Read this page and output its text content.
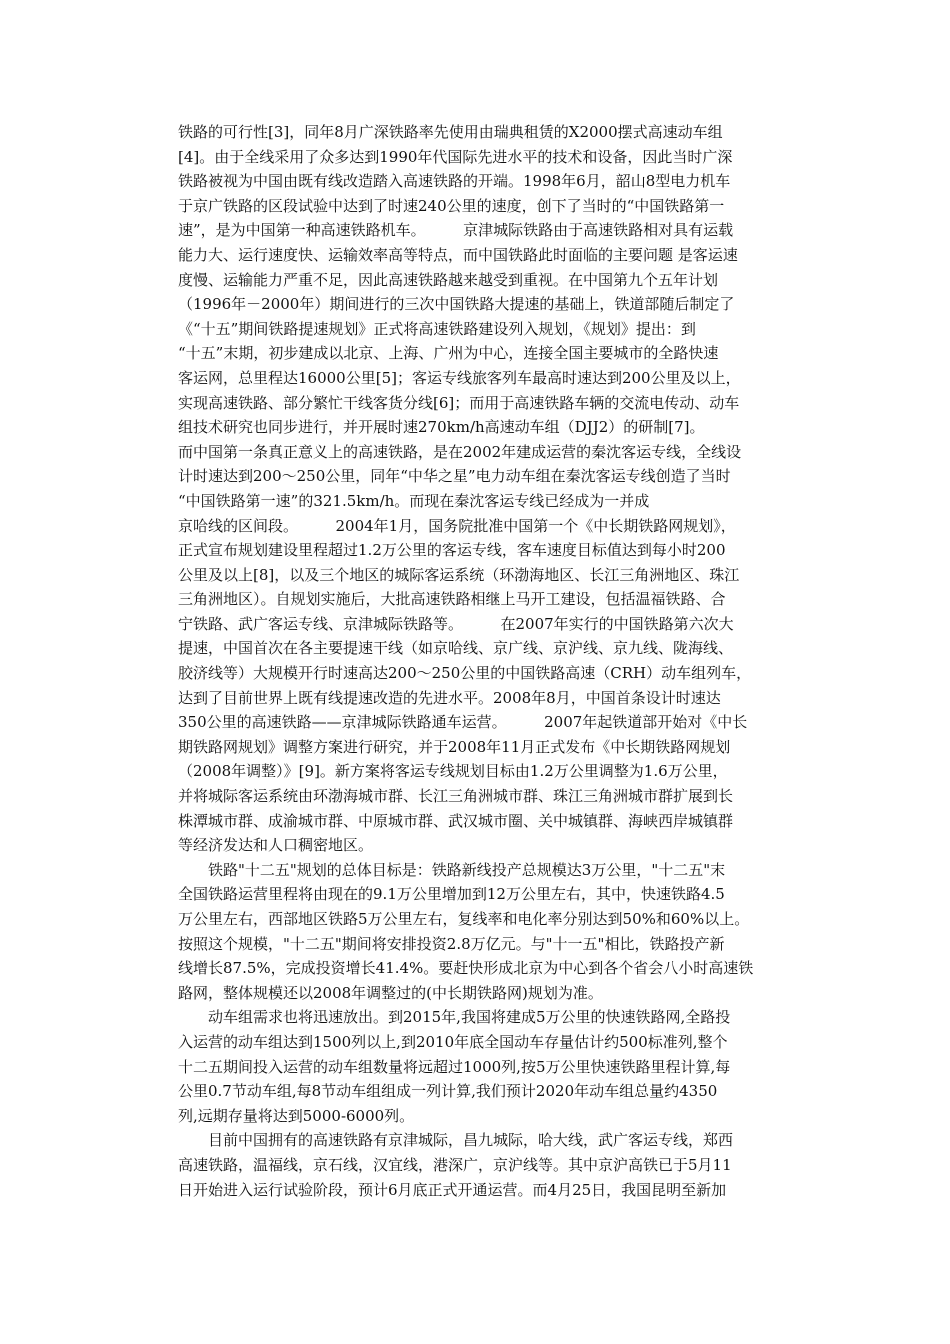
铁路的可行性[3]，同年8月广深铁路率先使用由瑞典租赁的X2000摆式高速动车组
[4]。由于全线采用了众多达到1990年代国际先进水平的技术和设备，因此当时广深
铁路被视为中国由既有线改造踏入高速铁路的开端。1998年6月，韶山8型电力机车
于京广铁路的区段试验中达到了时速240公里的速度，创下了当时的“中国铁路第一
速”，是为中国第一种高速铁路机车。　　　京津城际铁路由于高速铁路相对具有运载
能力大、运行速度快、运输效率高等特点，而中国铁路此时面临的主要问题 是客运速
度慢、运输能力严重不足，因此高速铁路越来越受到重视。在中国第九个五年计划
（1996年－2000年）期间进行的三次中国铁路大提速的基础上，铁道部随后制定了
《“十五”期间铁路提速规划》正式将高速铁路建设列入规划，《规划》提出：到
“十五”末期，初步建成以北京、上海、广州为中心，连接全国主要城市的全路快速
客运网，总里程达16000公里[5]；客运专线旅客列车最高时速达到200公里及以上，
实现高速铁路、部分繁忙干线客货分线[6]；而用于高速铁路车辆的交流电传动、动车
组技术研究也同步进行，并开展时速270km/h高速动车组（DJJ2）的研制[7]。
而中国第一条真正意义上的高速铁路，是在2002年建成运营的秦沈客运专线，全线设
计时速达到200～250公里，同年“中华之星”电力动车组在秦沈客运专线创造了当时
“中国铁路第一速”的321.5km/h。而现在秦沈客运专线已经成为一并成
京哈线的区间段。　　　2004年1月，国务院批准中国第一个《中长期铁路网规划》，
正式宣布规划建设里程超过1.2万公里的客运专线，客车速度目标值达到每小时200
公里及以上[8]，以及三个地区的城际客运系统（环渤海地区、长江三角洲地区、珠江
三角洲地区）。自规划实施后，大批高速铁路相继上马开工建设，包括温福铁路、合
宁铁路、武广客运专线、京津城际铁路等。　　　在2007年实行的中国铁路第六次大
提速，中国首次在各主要提速干线（如京哈线、京广线、京沪线、京九线、陇海线、
胶济线等）大规模开行时速高达200～250公里的中国铁路高速（CRH）动车组列车，
达到了目前世界上既有线提速改造的先进水平。2008年8月，中国首条设计时速达
350公里的高速铁路——京津城际铁路通车运营。　　　2007年起铁道部开始对《中长
期铁路网规划》调整方案进行研究，并于2008年11月正式发布《中长期铁路网规划
（2008年调整）》[9]。新方案将客运专线规划目标由1.2万公里调整为1.6万公里，
并将城际客运系统由环渤海城市群、长江三角洲城市群、珠江三角洲城市群扩展到长
株潭城市群、成渝城市群、中原城市群、武汉城市圈、关中城镇群、海峡西岸城镇群
等经济发达和人口稠密地区。
铁路"十二五"规划的总体目标是：铁路新线投产总规模达3万公里，"十二五"末
全国铁路运营里程将由现在的9.1万公里增加到12万公里左右，其中，快速铁路4.5
万公里左右，西部地区铁路5万公里左右，复线率和电化率分别达到50%和60%以上。
按照这个规模，"十二五"期间将安排投资2.8万亿元。与"十一五"相比，铁路投产新
线增长87.5%，完成投资增长41.4%。要赶快形成北京为中心到各个省会八小时高速铁
路网，整体规模还以2008年调整过的(中长期铁路网)规划为准。
动车组需求也将迅速放出。到2015年,我国将建成5万公里的快速铁路网,全路投
入运营的动车组达到1500列以上,到2010年底全国动车存量估计约500标准列,整个
十二五期间投入运营的动车组数量将远超过1000列,按5万公里快速铁路里程计算,每
公里0.7节动车组,每8节动车组组成一列计算,我们预计2020年动车组总量约4350
列,远期存量将达到5000-6000列。
目前中国拥有的高速铁路有京津城际，昌九城际，哈大线，武广客运专线，郑西
高速铁路，温福线，京石线，汉宜线，港深广，京沪线等。其中京沪高铁已于5月11
日开始进入运行试验阶段，预计6月底正式开通运营。而4月25日，我国昆明至新加
